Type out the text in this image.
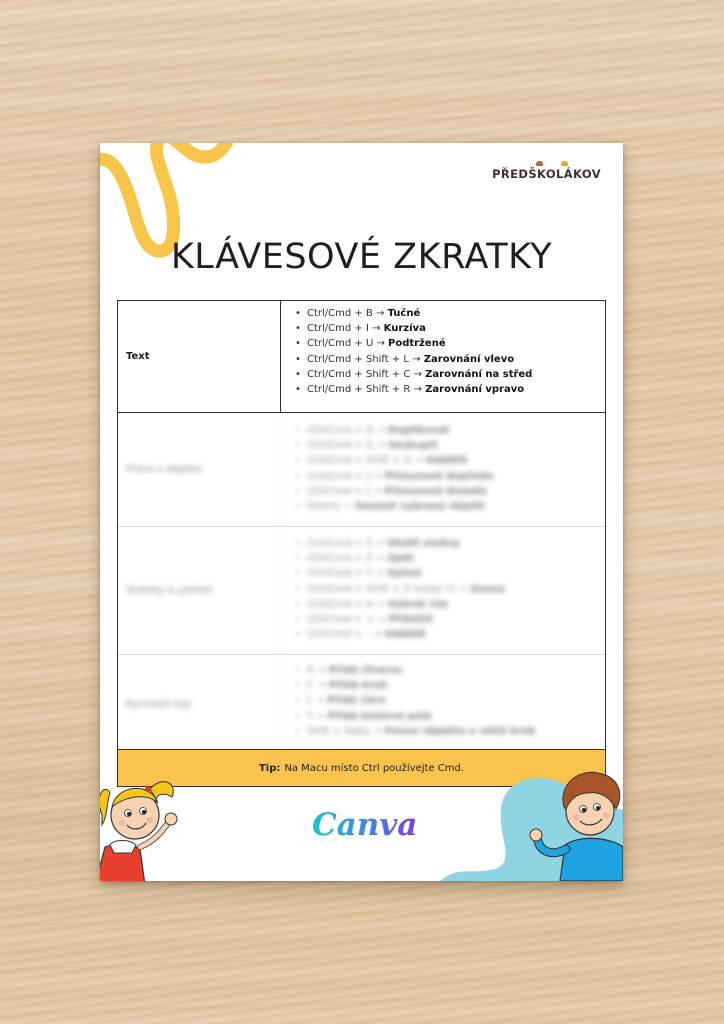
PŘEDŠKOLÁKOV
KLÁVESOVÉ ZKRATKY
Text
• Ctrl/Cmd + B → Tučné
• Ctrl/Cmd + I → Kurzíva
• Ctrl/Cmd + U → Podtržené
• Ctrl/Cmd + Shift + L → Zarovnání vlevo
• Ctrl/Cmd + Shift + C → Zarovnání na střed
• Ctrl/Cmd + Shift + R → Zarovnání vpravo
Práce s objekty
• Ctrl/Cmd + D → Duplikovat
• Ctrl/Cmd + G → Seskupit
• Ctrl/Cmd + Shift + G → Oddělit
• Ctrl/Cmd + ] → Přesunout dopředu
• Ctrl/Cmd + [ → Přesunout dozadu
• Delete → Smazat vybraný objekt
Stránky & pohled
• Ctrl/Cmd + S → Uložit změny
• Ctrl/Cmd + Z → Zpět
• Ctrl/Cmd + Y → Vpřed
• Ctrl/Cmd + Shift + Z (nebo Y) → Znovu
• Ctrl/Cmd + A → Vybrat vše
• Ctrl/Cmd + + → Přiblížit
• Ctrl/Cmd + - → Oddálit
Rychlejší tipy
• R → Přidá čtverec
• C → Přidá kruh
• L → Přidá čáru
• T → Přidá textové pole
• Shift + šipky → Posun objektu o větší krok
Tip: Na Macu místo Ctrl používejte Cmd.
Canva
